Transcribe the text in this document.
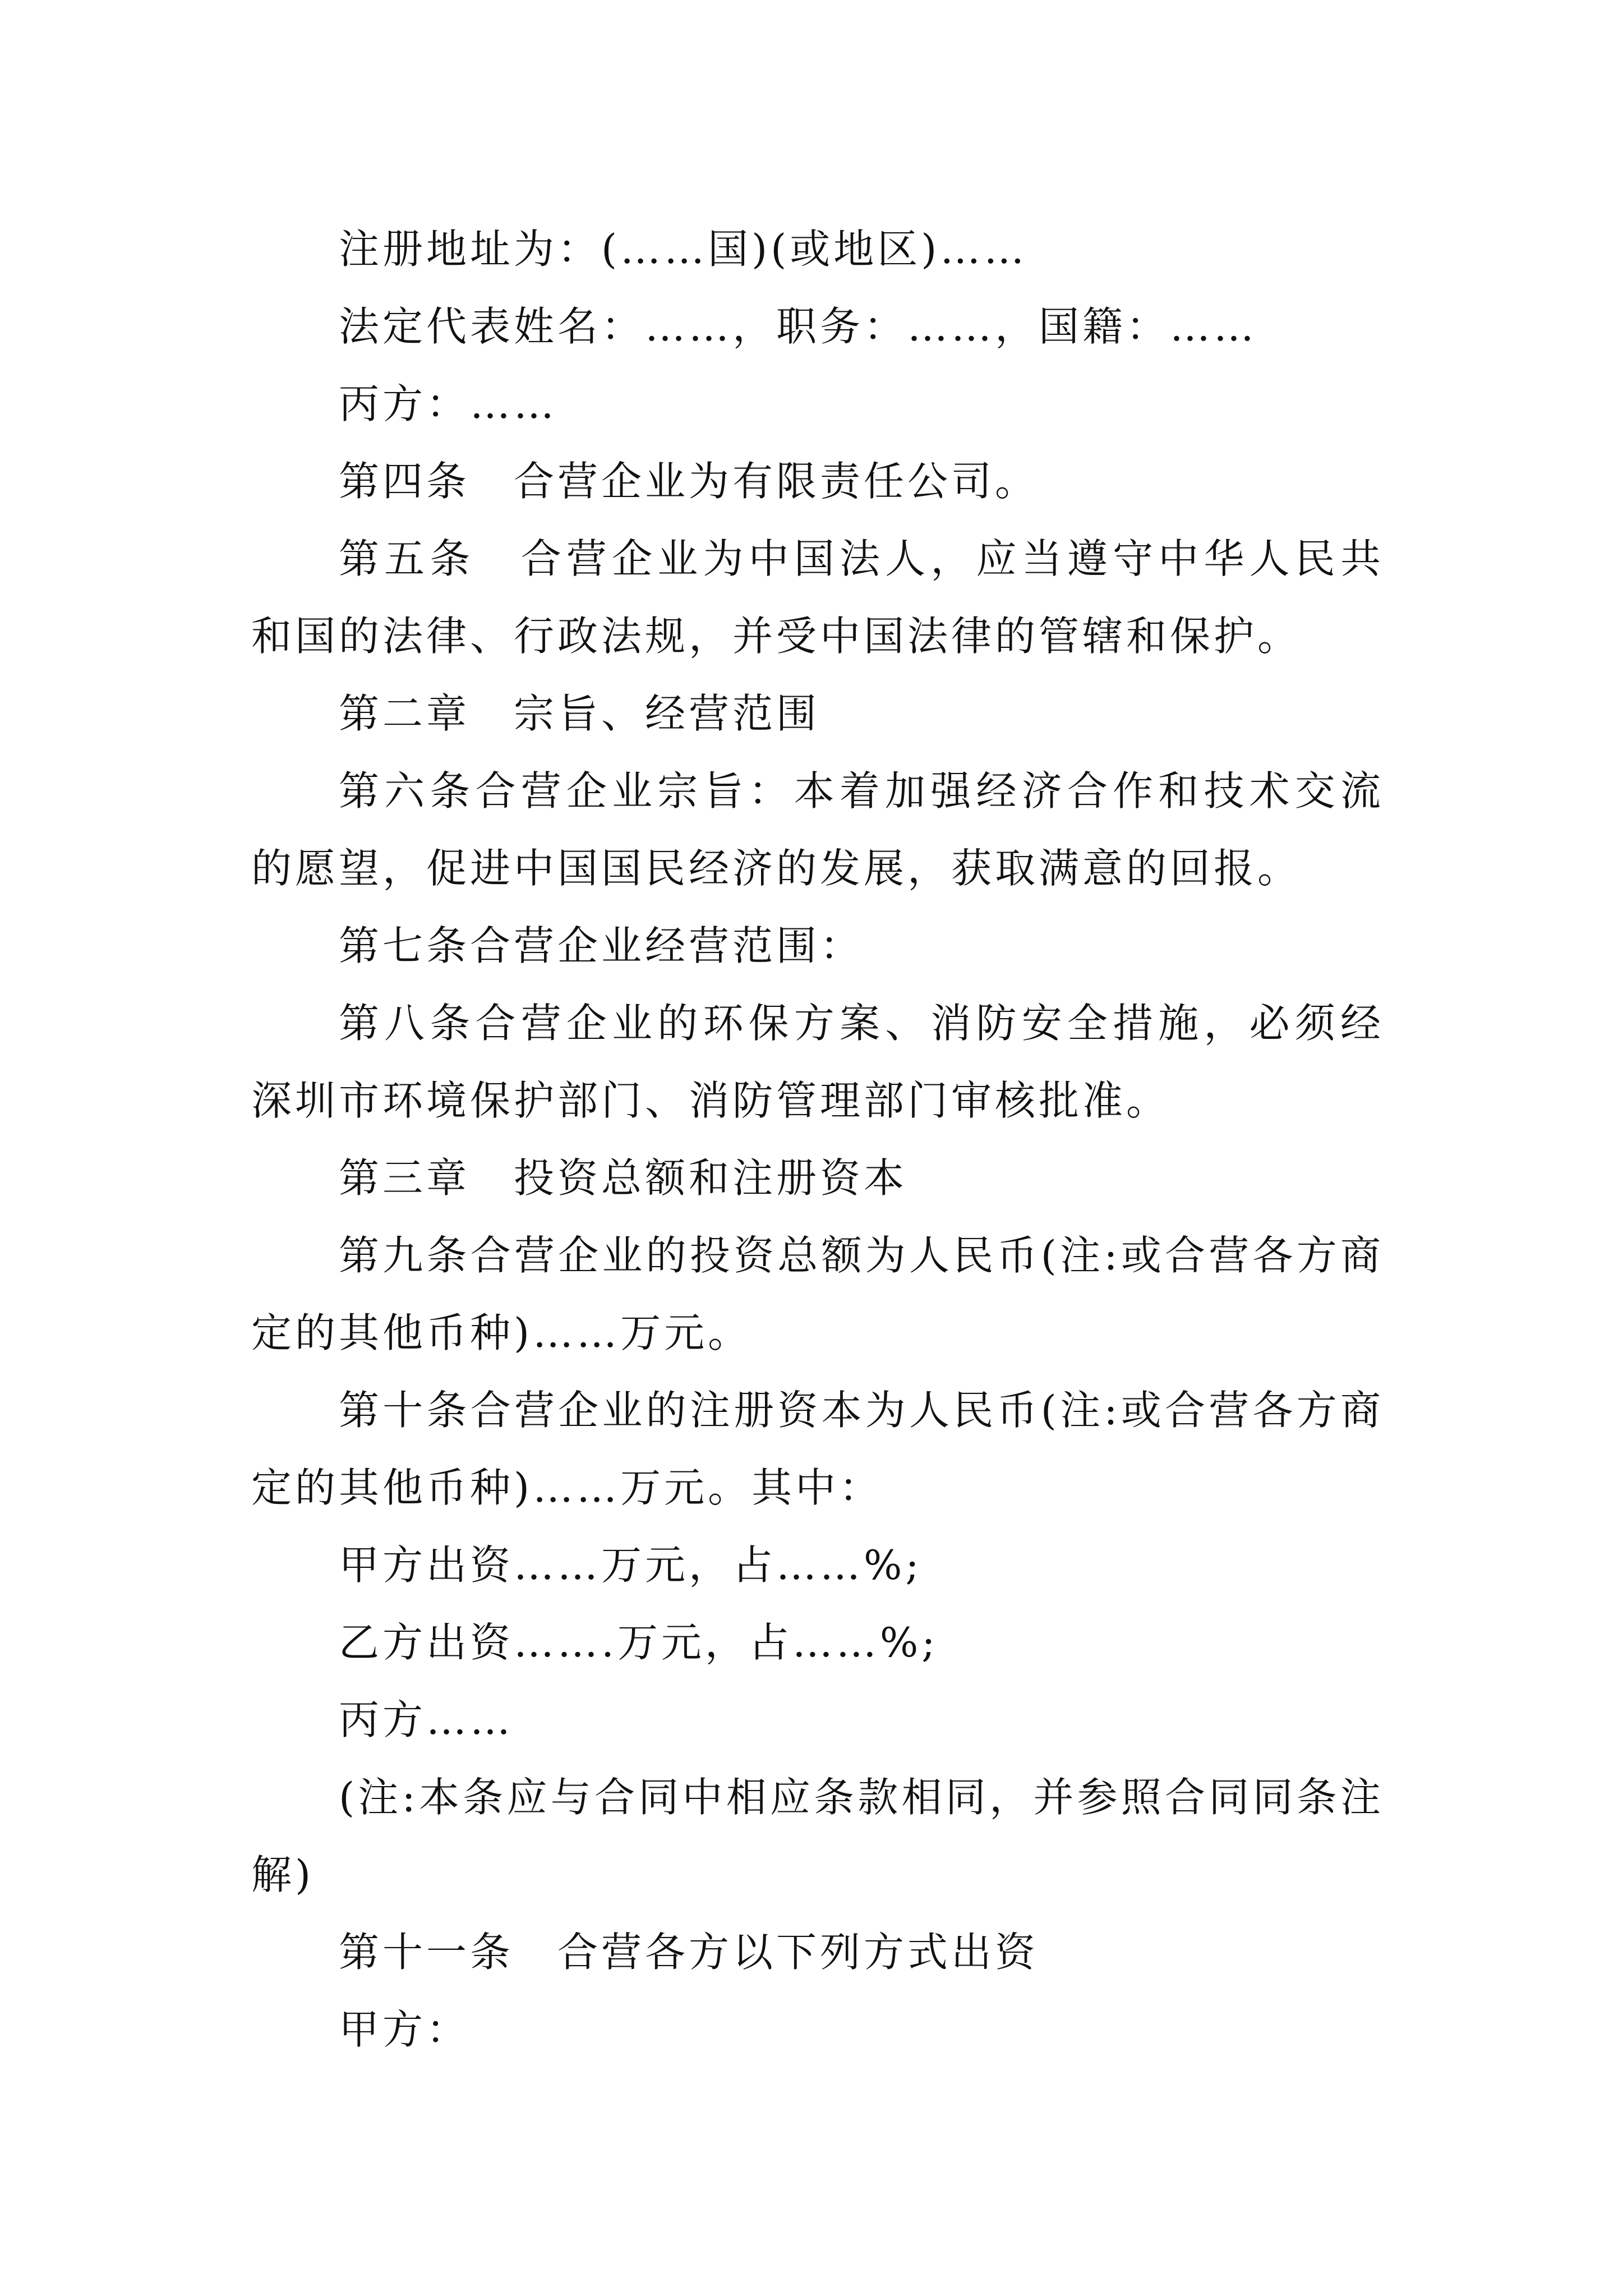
注册地址为：(……国)(或地区)……

法定代表姓名：……，职务：……，国籍：……

丙方：……

第四条　合营企业为有限责任公司。

第五条　合营企业为中国法人，应当遵守中华人民共和国的法律、行政法规，并受中国法律的管辖和保护。

第二章　宗旨、经营范围

第六条合营企业宗旨：本着加强经济合作和技术交流的愿望，促进中国国民经济的发展，获取满意的回报。

第七条合营企业经营范围：

第八条合营企业的环保方案、消防安全措施，必须经深圳市环境保护部门、消防管理部门审核批准。

第三章　投资总额和注册资本

第九条合营企业的投资总额为人民币(注:或合营各方商定的其他币种)……万元。

第十条合营企业的注册资本为人民币(注:或合营各方商定的其他币种)……万元。其中：

甲方出资……万元，占……%;

乙方出资…….万元，占……%;

丙方……

(注:本条应与合同中相应条款相同，并参照合同同条注解)

第十一条　合营各方以下列方式出资

甲方：
